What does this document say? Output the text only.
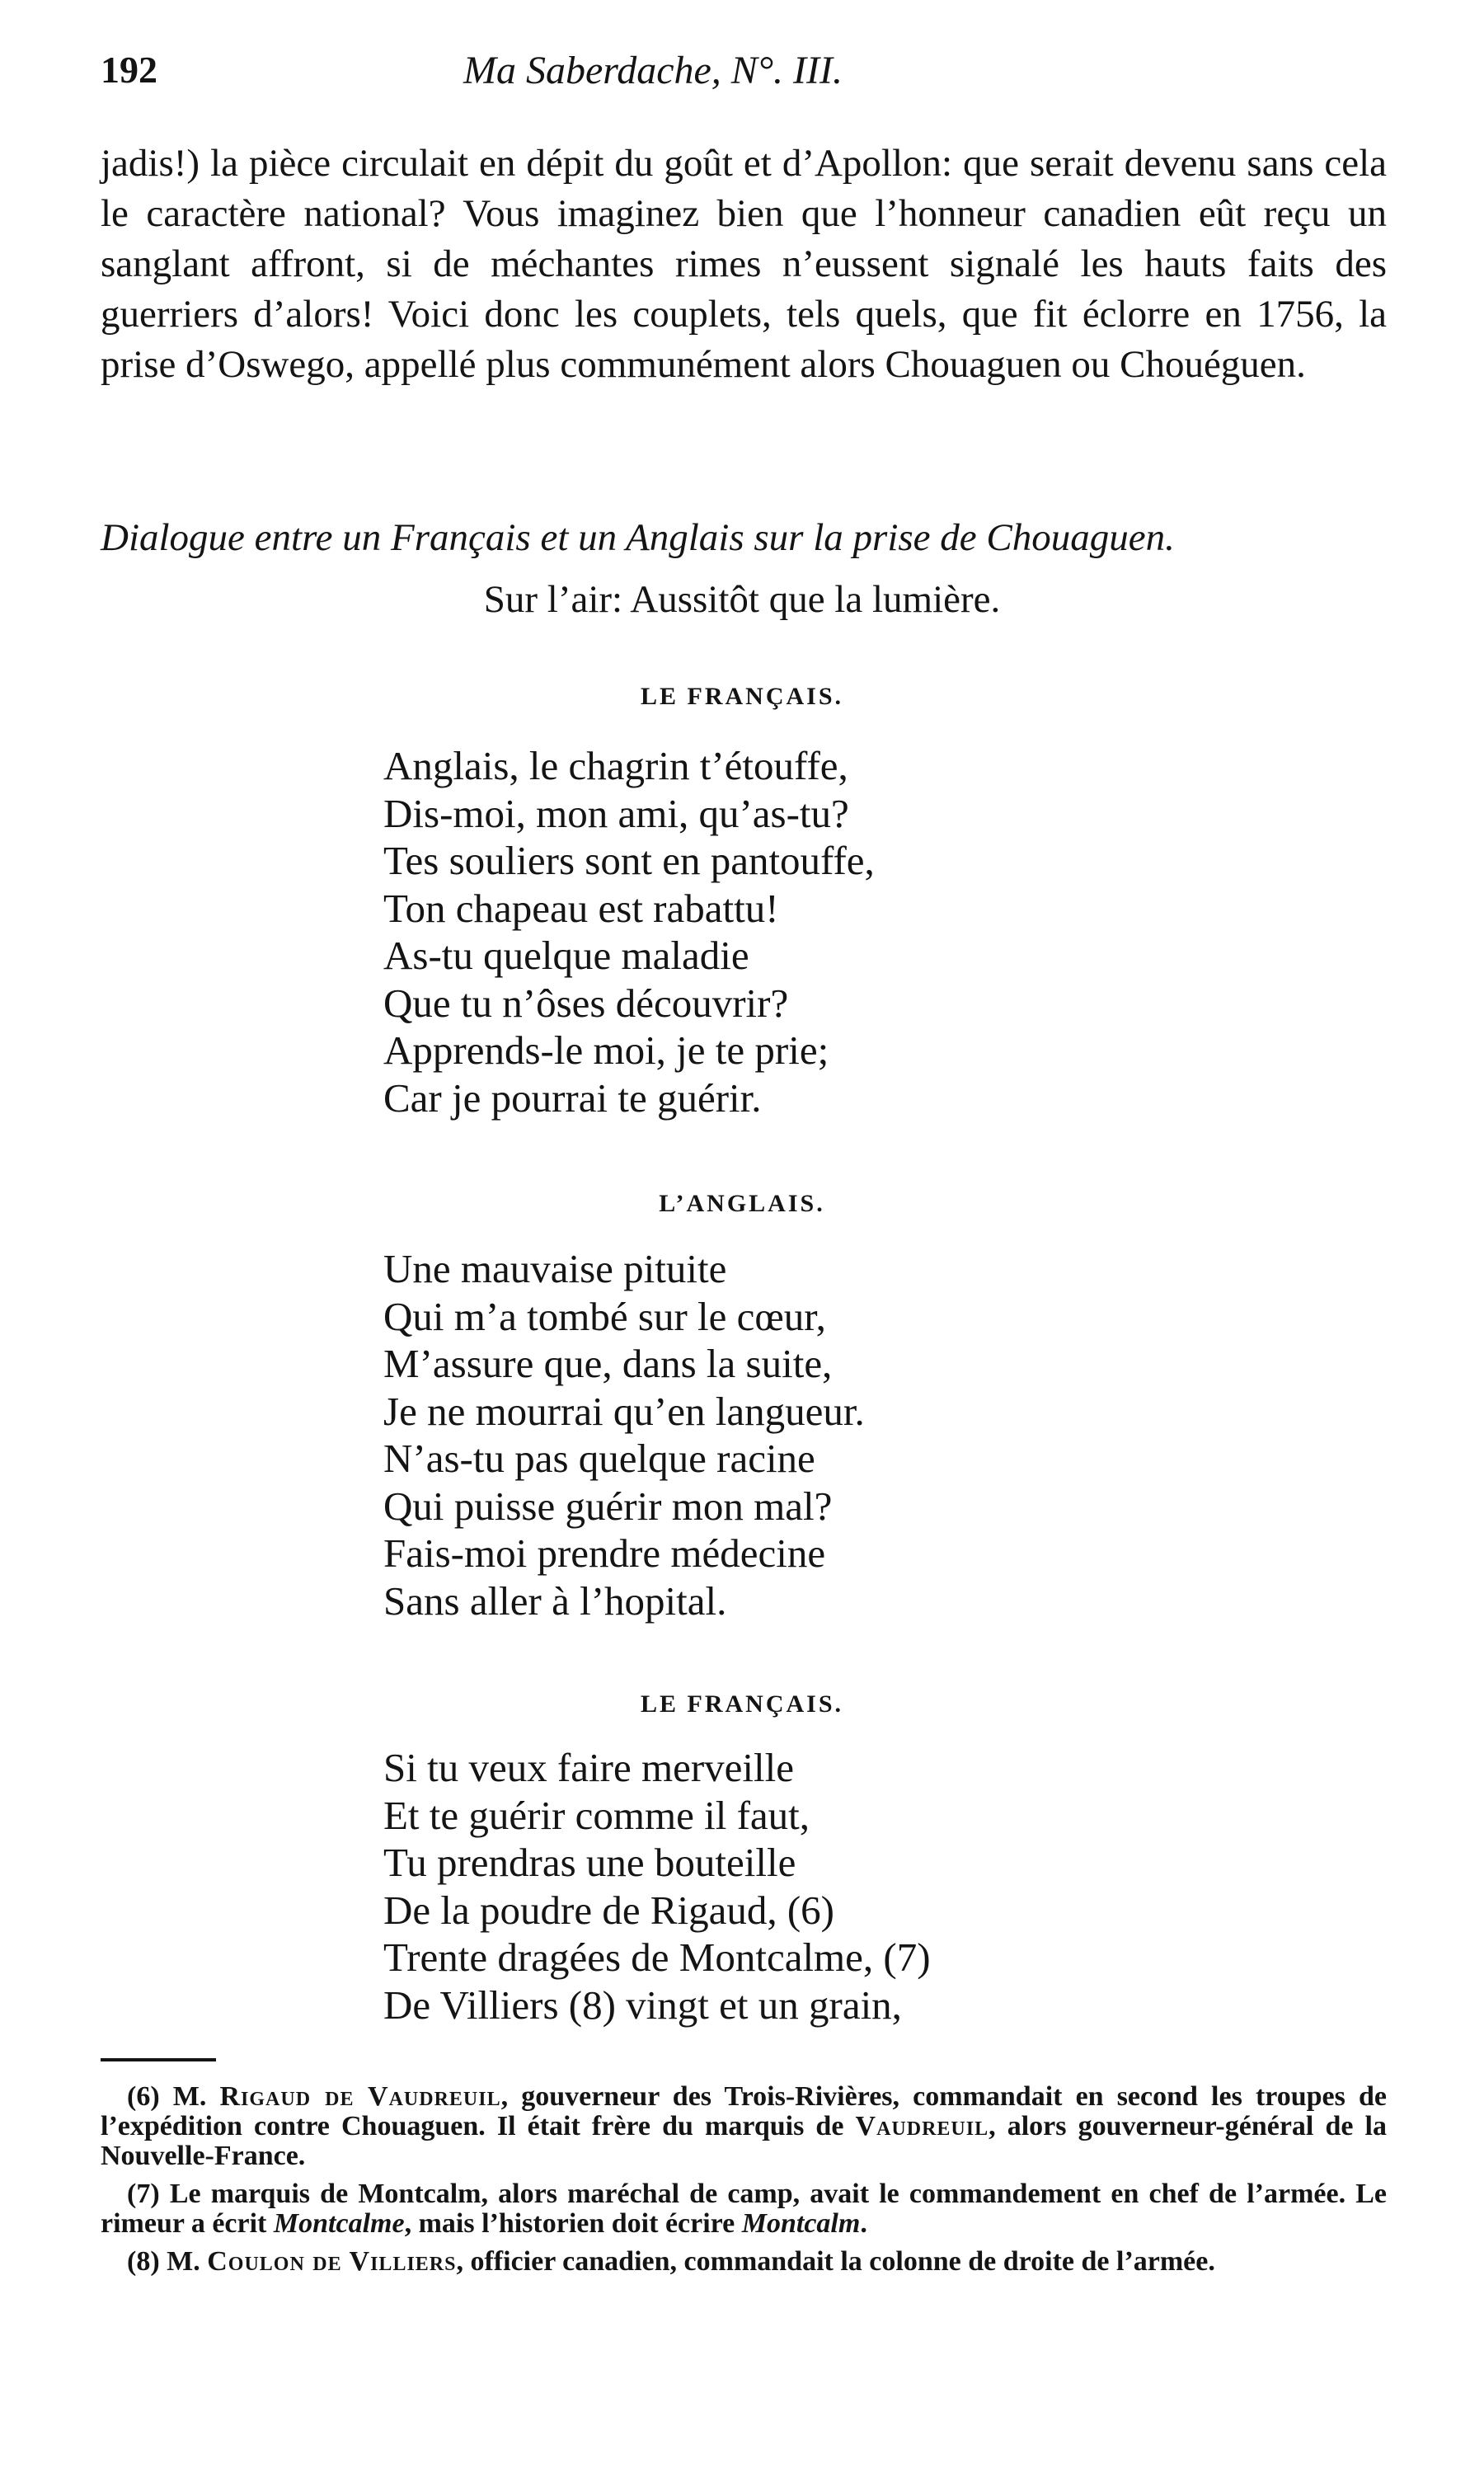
192	Ma Saberdache, N°. III.

jadis!) la pièce circulait en dépit du goût et d’Apollon: que serait devenu sans cela le caractère national? Vous imaginez bien que l’honneur canadien eût reçu un sanglant affront, si de méchantes rimes n’eussent signalé les hauts faits des guerriers d’alors! Voici donc les couplets, tels quels, que fit éclorre en 1756, la prise d’Oswego, appellé plus communément alors Chouaguen ou Chouéguen.

Dialogue entre un Français et un Anglais sur la prise de Chouaguen.
Sur l’air: Aussitôt que la lumière.
LE FRANÇAIS.
Anglais, le chagrin t’étouffe,
Dis-moi, mon ami, qu’as-tu?
Tes souliers sont en pantouffe,
Ton chapeau est rabattu!
As-tu quelque maladie
Que tu n’ôses découvrir?
Apprends-le moi, je te prie;
Car je pourrai te guérir.
L’ANGLAIS.
Une mauvaise pituite
Qui m’a tombé sur le cœur,
M’assure que, dans la suite,
Je ne mourrai qu’en langueur.
N’as-tu pas quelque racine
Qui puisse guérir mon mal?
Fais-moi prendre médecine
Sans aller à l’hopital.
LE FRANÇAIS.
Si tu veux faire merveille
Et te guérir comme il faut,
Tu prendras une bouteille
De la poudre de Rigaud, (6)
Trente dragées de Montcalme, (7)
De Villiers (8) vingt et un grain,

(6) M. Rigaud de Vaudreuil, gouverneur des Trois-Rivières, commandait en second les troupes de l’expédition contre Chouaguen. Il était frère du marquis de Vaudreuil, alors gouverneur-général de la Nouvelle-France.

(7) Le marquis de Montcalm, alors maréchal de camp, avait le commandement en chef de l’armée. Le rimeur a écrit Montcalme, mais l’historien doit écrire Montcalm.

(8) M. Coulon de Villiers, officier canadien, commandait la colonne de droite de l’armée.
